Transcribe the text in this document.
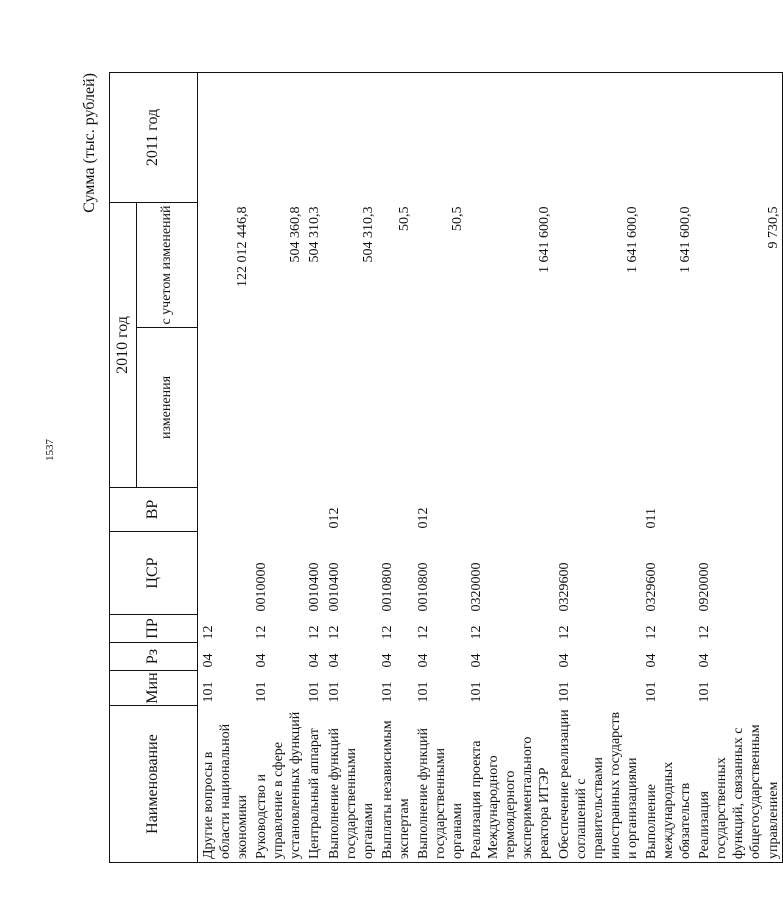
1537
Сумма (тыс. рублей)
Наименование	Мин	Рз	ПР	ЦСР	ВР	2010 год		2011 год
						изменения	с учетом изменений	
Другие вопросы в области национальной экономики	101	04	12				122 012 446,8	
Руководство и управление в сфере установленных функций	101	04	12	0010000			504 360,8	
Центральный аппарат	101	04	12	0010400			504 310,3	
Выполнение функций государственными органами	101	04	12	0010400	012		504 310,3	
Выплаты независимым экспертам	101	04	12	0010800			50,5	
Выполнение функций государственными органами	101	04	12	0010800	012		50,5	
Реализация проекта Международного термоядерного экспериментального реактора ИТЭР	101	04	12	0320000			1 641 600,0	
Обеспечение реализации соглашений с правительствами иностранных государств и организациями	101	04	12	0329600			1 641 600,0	
Выполнение международных обязательств	101	04	12	0329600	011		1 641 600,0	
Реализация государственных функций, связанных с общегосударственным управлением	101	04	12	0920000			9 730,5	
